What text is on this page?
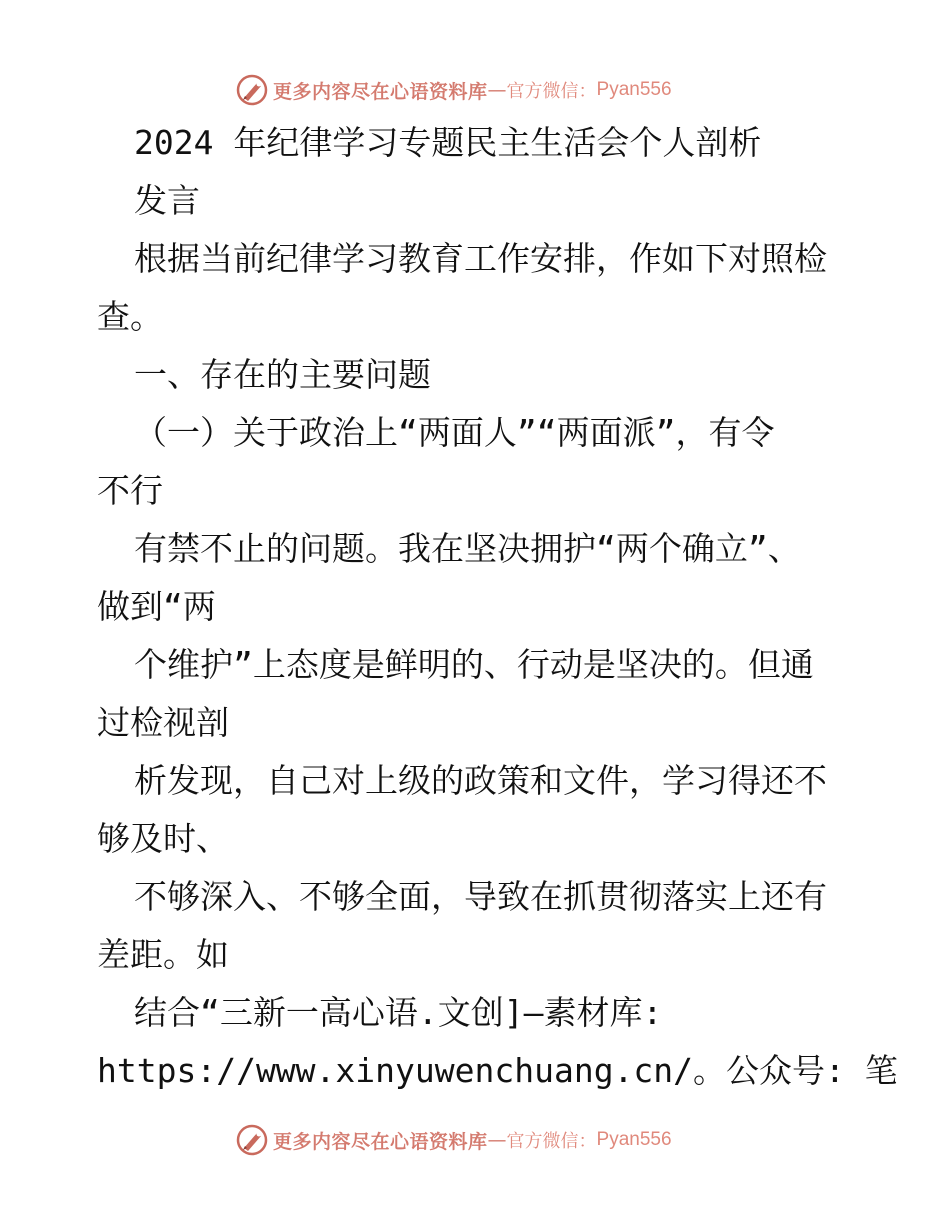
更多内容尽在心语资料库 — 官方微信： Pyan556
2024 年纪律学习专题民主生活会个人剖析
发言
根据当前纪律学习教育工作安排，作如下对照检
查。
一、存在的主要问题
（一）关于政治上“两面人”“两面派”，有令
不行
有禁不止的问题。我在坚决拥护“两个确立”、
做到“两
个维护”上态度是鲜明的、行动是坚决的。但通
过检视剖
析发现，自己对上级的政策和文件，学习得还不
够及时、
不够深入、不够全面，导致在抓贯彻落实上还有
差距。如
结合“三新一高心语.文创]—素材库:
https://www.xinyuwenchuang.cn/。公众号: 笔
更多内容尽在心语资料库 — 官方微信： Pyan556
